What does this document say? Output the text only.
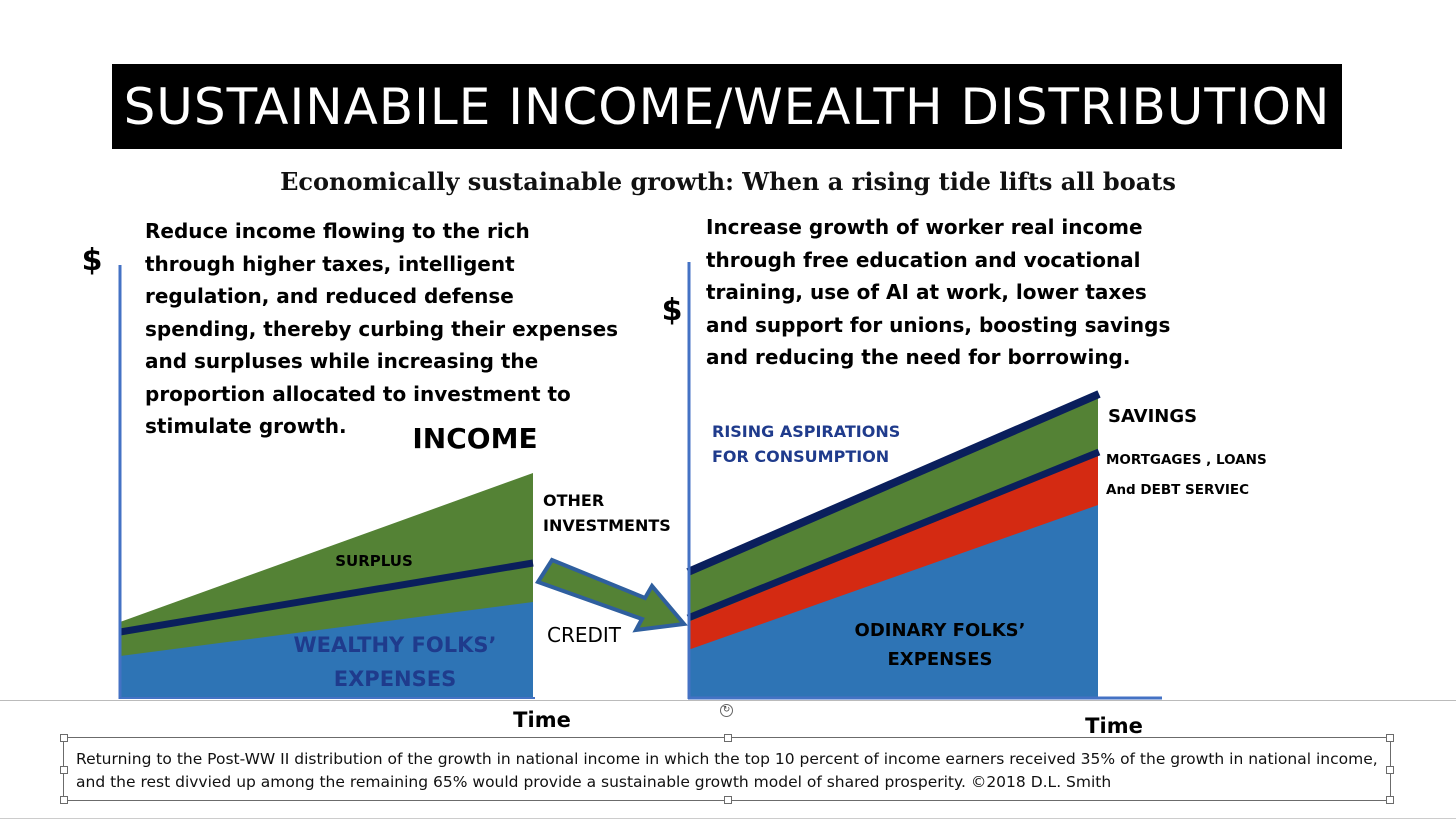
SUSTAINABILE INCOME/WEALTH DISTRIBUTION
Economically sustainable growth: When a rising tide lifts all boats
Reduce income flowing to the rich through higher taxes, intelligent regulation, and reduced defense spending, thereby curbing their expenses and surpluses while increasing the proportion allocated to investment to stimulate growth.
Increase growth of worker real income through free education and vocational training, use of AI at work, lower taxes and support for unions, boosting savings and reducing the need for borrowing.
$
Time
INCOME
SURPLUS
WEALTHY FOLKS’
EXPENSES
OTHER
INVESTMENTS
CREDIT
$
Time
RISING ASPIRATIONS
FOR CONSUMPTION
SAVINGS
MORTGAGES , LOANS
And DEBT SERVIEC
ODINARY FOLKS’
EXPENSES
↻
Returning to the Post-WW II distribution of the growth in national income in which the top 10 percent of income earners received 35% of the growth in national income, and the rest divvied up among the remaining 65% would provide a sustainable growth model of shared prosperity. ©2018 D.L. Smith
